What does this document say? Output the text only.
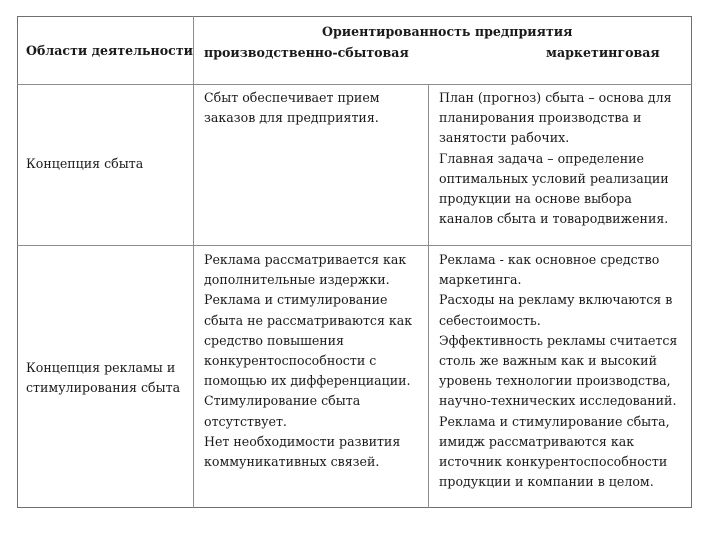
Области деятельности
Ориентированность предприятия
производственно-сбытовая	маркетинговая
Концепция сбыта

Сбыт обеспечивает прием

заказов для предприятия.

План (прогноз) сбыта – основа для

планирования производства и

занятости рабочих.

Главная задача – определение

оптимальных условий реализации

продукции на основе выбора

каналов сбыта и товародвижения.

Концепция рекламы и

стимулирования сбыта

Реклама рассматривается как

дополнительные издержки.

Реклама и стимулирование

сбыта не рассматриваются как

средство повышения

конкурентоспособности с

помощью их дифференциации.

Стимулирование сбыта

отсутствует.

Нет необходимости развития

коммуникативных связей.

Реклама - как основное средство

маркетинга.

Расходы на рекламу включаются в

себестоимость.

Эффективность рекламы считается

столь же важным как и высокий

уровень технологии производства,

научно-технических исследований.

Реклама и стимулирование сбыта,

имидж рассматриваются как

источник конкурентоспособности

продукции и компании в целом.
